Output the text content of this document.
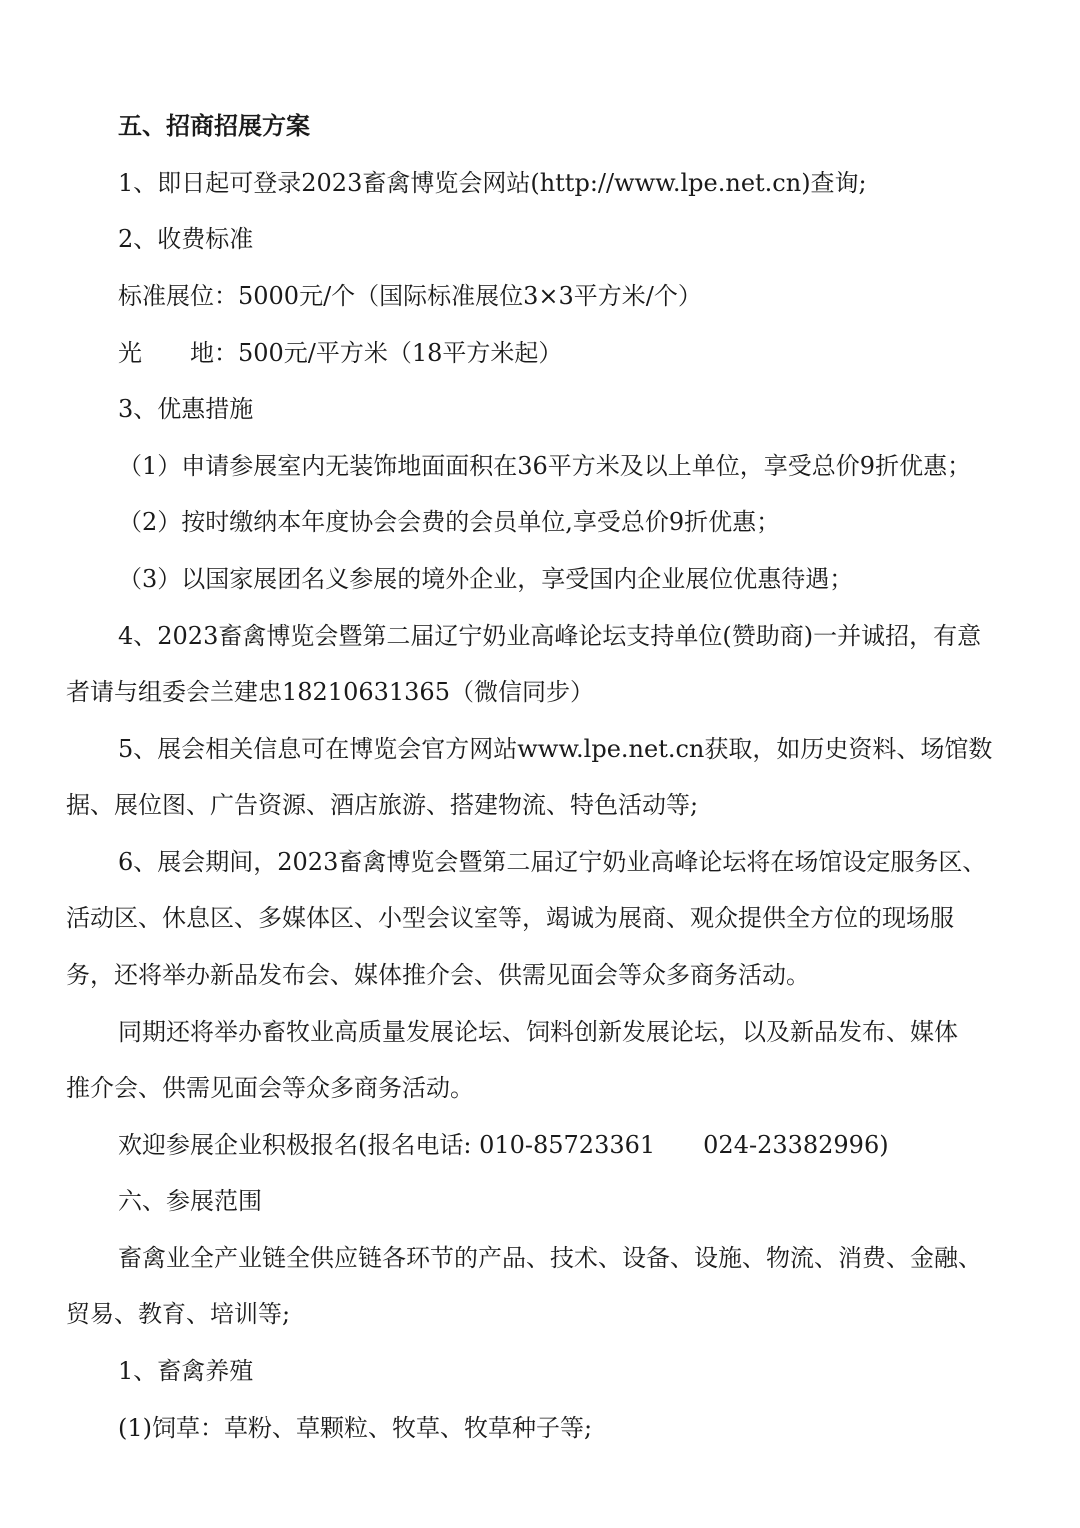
五、招商招展方案
1、即日起可登录2023畜禽博览会网站(http://www.lpe.net.cn)查询;
2、收费标准
标准展位：5000元/个（国际标准展位3×3平方米/个）
光　　地：500元/平方米（18平方米起）
3、优惠措施
（1）申请参展室内无装饰地面面积在36平方米及以上单位，享受总价9折优惠；
（2）按时缴纳本年度协会会费的会员单位,享受总价9折优惠；
（3）以国家展团名义参展的境外企业，享受国内企业展位优惠待遇；
4、2023畜禽博览会暨第二届辽宁奶业高峰论坛支持单位(赞助商)一并诚招，有意
者请与组委会兰建忠18210631365（微信同步）
5、展会相关信息可在博览会官方网站www.lpe.net.cn获取，如历史资料、场馆数
据、展位图、广告资源、酒店旅游、搭建物流、特色活动等;
6、展会期间，2023畜禽博览会暨第二届辽宁奶业高峰论坛将在场馆设定服务区、
活动区、休息区、多媒体区、小型会议室等，竭诚为展商、观众提供全方位的现场服
务，还将举办新品发布会、媒体推介会、供需见面会等众多商务活动。
同期还将举办畜牧业高质量发展论坛、饲料创新发展论坛，以及新品发布、媒体
推介会、供需见面会等众多商务活动。
欢迎参展企业积极报名(报名电话: 010-85723361　　024-23382996)
六、参展范围
畜禽业全产业链全供应链各环节的产品、技术、设备、设施、物流、消费、金融、
贸易、教育、培训等;
1、畜禽养殖
(1)饲草：草粉、草颗粒、牧草、牧草种子等;
